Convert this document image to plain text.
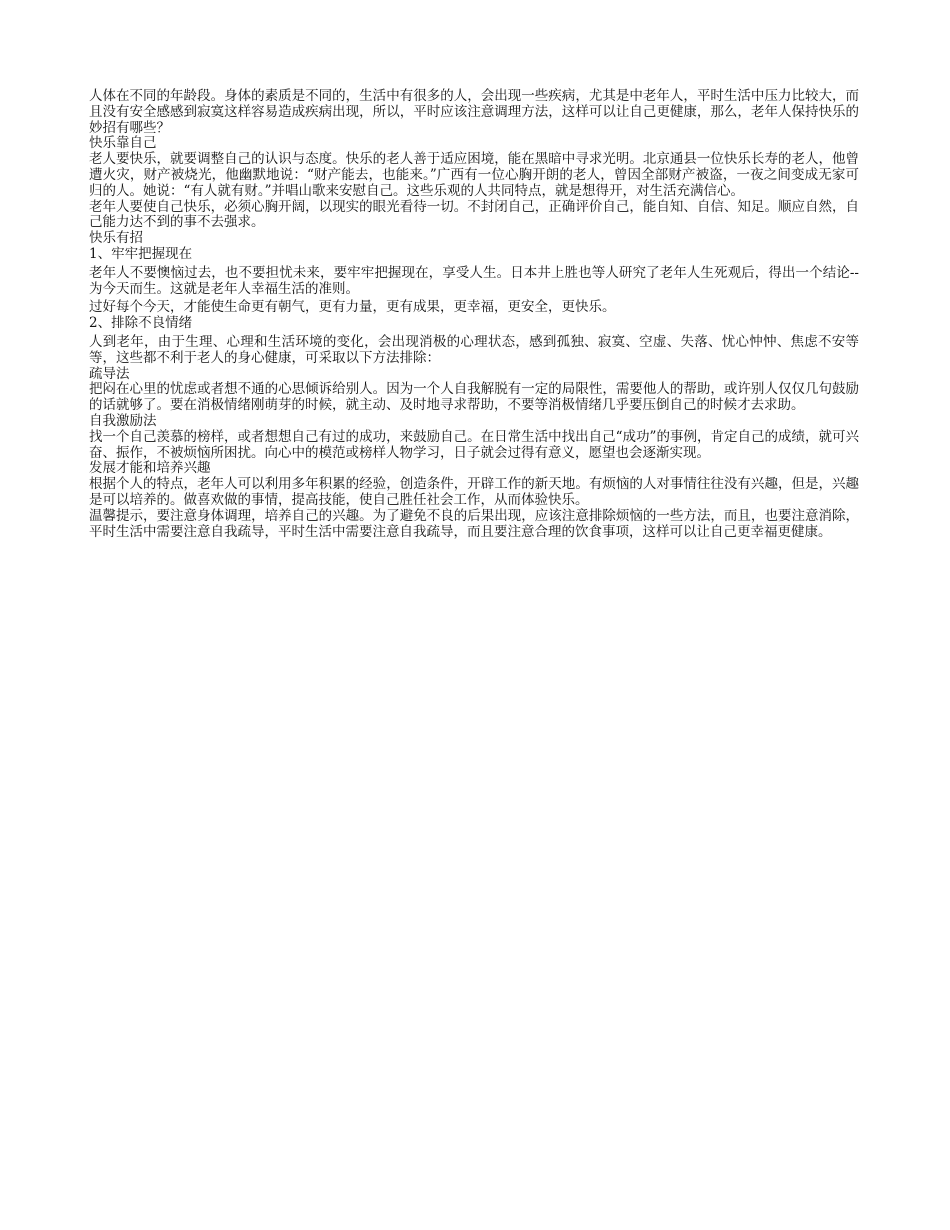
人体在不同的年龄段。身体的素质是不同的，生活中有很多的人，会出现一些疾病，尤其是中老年人，平时生活中压力比较大，而且没有安全感感到寂寞这样容易造成疾病出现，所以，平时应该注意调理方法，这样可以让自己更健康，那么，老年人保持快乐的妙招有哪些？

快乐靠自己

老人要快乐，就要调整自己的认识与态度。快乐的老人善于适应困境，能在黑暗中寻求光明。北京通县一位快乐长寿的老人，他曾遭火灾，财产被烧光，他幽默地说：“财产能去，也能来。”广西有一位心胸开朗的老人，曾因全部财产被盗，一夜之间变成无家可归的人。她说：“有人就有财。”并唱山歌来安慰自己。这些乐观的人共同特点，就是想得开，对生活充满信心。

老年人要使自己快乐，必须心胸开阔，以现实的眼光看待一切。不封闭自己，正确评价自己，能自知、自信、知足。顺应自然，自己能力达不到的事不去强求。

快乐有招

1、牢牢把握现在

老年人不要懊恼过去，也不要担忧未来，要牢牢把握现在，享受人生。日本井上胜也等人研究了老年人生死观后，得出一个结论--为今天而生。这就是老年人幸福生活的准则。

过好每个今天，才能使生命更有朝气，更有力量，更有成果，更幸福，更安全，更快乐。

2、排除不良情绪

人到老年，由于生理、心理和生活环境的变化，会出现消极的心理状态，感到孤独、寂寞、空虚、失落、忧心忡忡、焦虑不安等等，这些都不利于老人的身心健康，可采取以下方法排除：

疏导法

把闷在心里的忧虑或者想不通的心思倾诉给别人。因为一个人自我解脱有一定的局限性，需要他人的帮助，或许别人仅仅几句鼓励的话就够了。要在消极情绪刚萌芽的时候，就主动、及时地寻求帮助，不要等消极情绪几乎要压倒自己的时候才去求助。

自我激励法

找一个自己羡慕的榜样，或者想想自己有过的成功，来鼓励自己。在日常生活中找出自己“成功”的事例，肯定自己的成绩，就可兴奋、振作，不被烦恼所困扰。向心中的模范或榜样人物学习，日子就会过得有意义，愿望也会逐渐实现。

发展才能和培养兴趣

根据个人的特点，老年人可以利用多年积累的经验，创造条件，开辟工作的新天地。有烦恼的人对事情往往没有兴趣，但是，兴趣是可以培养的。做喜欢做的事情，提高技能，使自己胜任社会工作，从而体验快乐。

温馨提示，要注意身体调理，培养自己的兴趣。为了避免不良的后果出现，应该注意排除烦恼的一些方法，而且，也要注意消除，平时生活中需要注意自我疏导，平时生活中需要注意自我疏导，而且要注意合理的饮食事项，这样可以让自己更幸福更健康。
